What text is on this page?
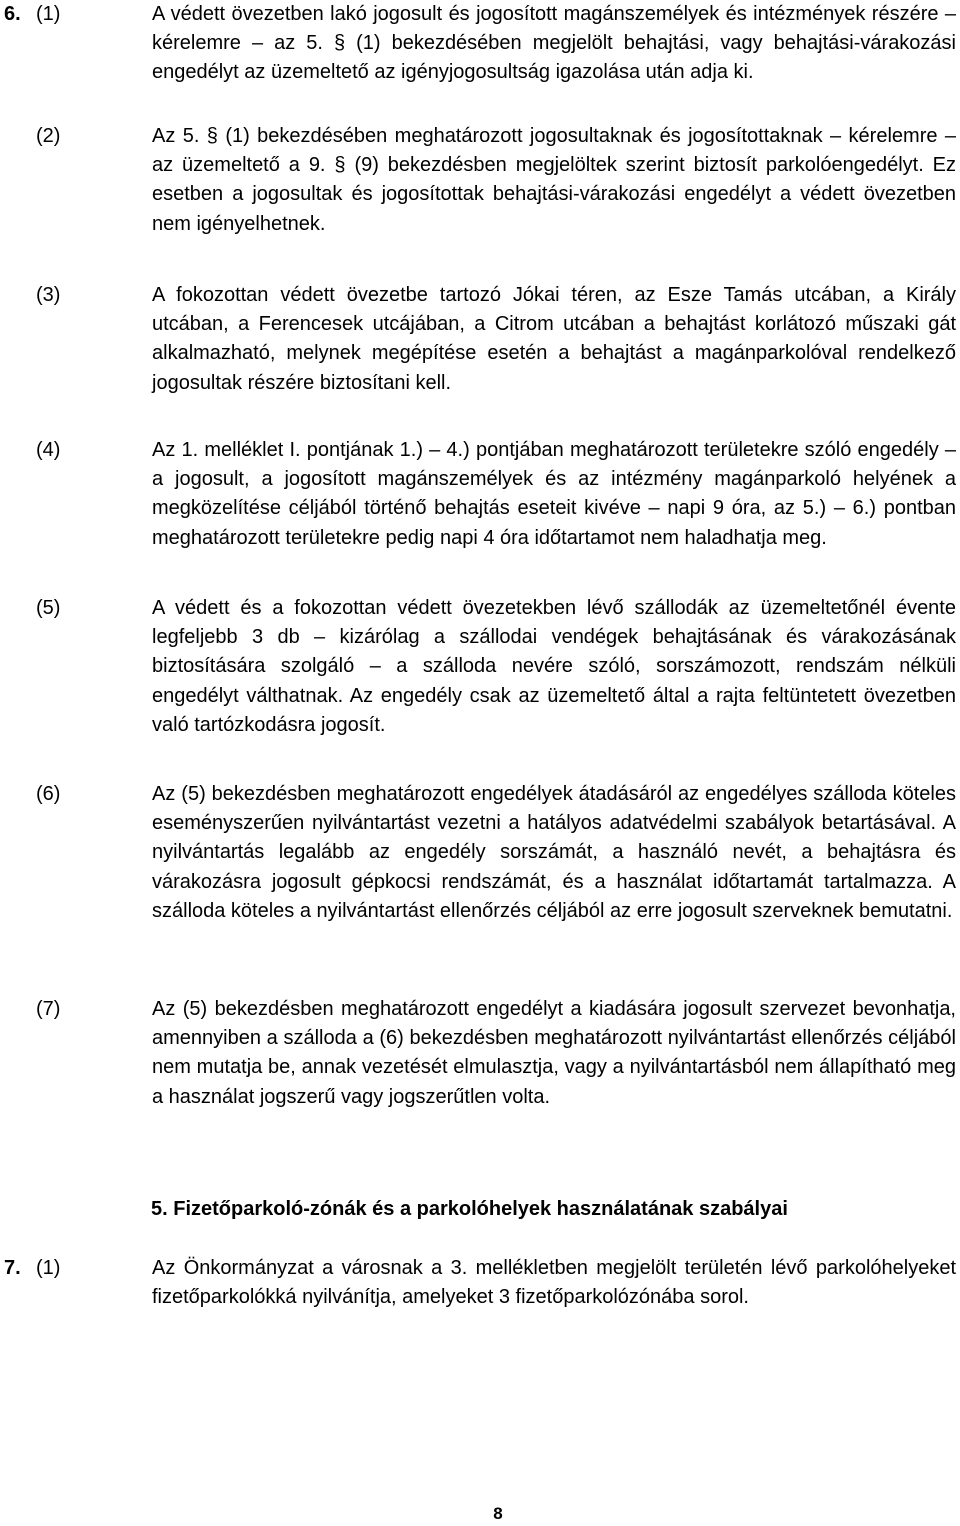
6. (1)	A védett övezetben lakó jogosult és jogosított magánszemélyek és intézmények részére – kérelemre – az 5. § (1) bekezdésében megjelölt behajtási, vagy behajtási-várakozási engedélyt az üzemeltető az igényjogosultság igazolása után adja ki.
(2)	Az 5. § (1) bekezdésében meghatározott jogosultaknak és jogosítottaknak – kérelemre – az üzemeltető a 9. § (9) bekezdésben megjelöltek szerint biztosít parkolóengedélyt. Ez esetben a jogosultak és jogosítottak behajtási-várakozási engedélyt a védett övezetben nem igényelhetnek.
(3)	A fokozottan védett övezetbe tartozó Jókai téren, az Esze Tamás utcában, a Király utcában, a Ferencesek utcájában, a Citrom utcában a behajtást korlátozó műszaki gát alkalmazható, melynek megépítése esetén a behajtást a magánparkolóval rendelkező jogosultak részére biztosítani kell.
(4)	Az 1. melléklet I. pontjának 1.) – 4.) pontjában meghatározott területekre szóló engedély – a jogosult, a jogosított magánszemélyek és az intézmény magánparkoló helyének a megközelítése céljából történő behajtás eseteit kivéve – napi 9 óra, az 5.) – 6.) pontban meghatározott területekre pedig napi 4 óra időtartamot nem haladhatja meg.
(5)	A védett és a fokozottan védett övezetekben lévő szállodák az üzemeltetőnél évente legfeljebb 3 db – kizárólag a szállodai vendégek behajtásának és várakozásának biztosítására szolgáló – a szálloda nevére szóló, sorszámozott, rendszám nélküli engedélyt válthatnak. Az engedély csak az üzemeltető által a rajta feltüntetett övezetben való tartózkodásra jogosít.
(6)	Az (5) bekezdésben meghatározott engedélyek átadásáról az engedélyes szálloda köteles eseményszerűen nyilvántartást vezetni a hatályos adatvédelmi szabályok betartásával. A nyilvántartás legalább az engedély sorszámát, a használó nevét, a behajtásra és várakozásra jogosult gépkocsi rendszámát, és a használat időtartamát tartalmazza. A szálloda köteles a nyilvántartást ellenőrzés céljából az erre jogosult szerveknek bemutatni.
(7)	Az (5) bekezdésben meghatározott engedélyt a kiadására jogosult szervezet bevonhatja, amennyiben a szálloda a (6) bekezdésben meghatározott nyilvántartást ellenőrzés céljából nem mutatja be, annak vezetését elmulasztja, vagy a nyilvántartásból nem állapítható meg a használat jogszerű vagy jogszerűtlen volta.
5. Fizetőparkoló-zónák és a parkolóhelyek használatának szabályai
7. (1)	Az Önkormányzat a városnak a 3. mellékletben megjelölt területén lévő parkolóhelyeket fizetőparkolókká nyilvánítja, amelyeket 3 fizetőparkolózónába sorol.
8
